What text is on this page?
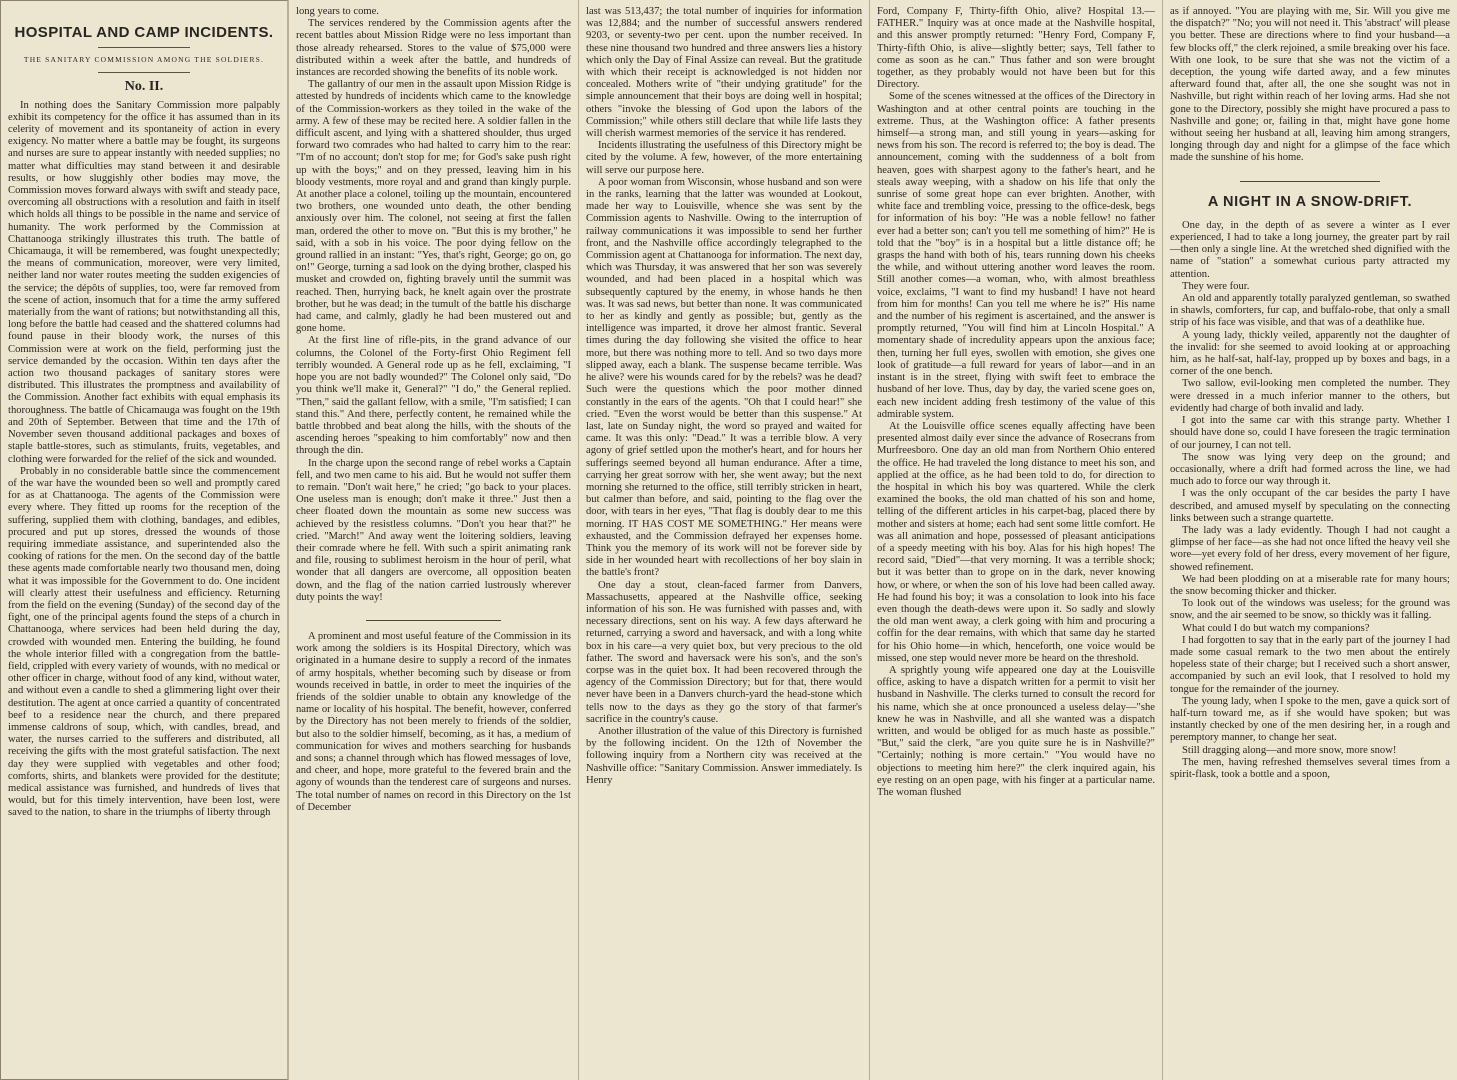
HOSPITAL AND CAMP INCIDENTS.
THE SANITARY COMMISSION AMONG THE SOLDIERS.

No. II.

In nothing does the Sanitary Commission more palpably exhibit its competency for the office it has assumed than in its celerity of movement and its spontaneity of action in every exigency. No matter where a battle may be fought, its surgeons and nurses are sure to appear instantly with needed supplies; no matter what difficulties may stand between it and desirable results, or how sluggishly other bodies may move, the Commission moves forward always with swift and steady pace, overcoming all obstructions with a resolution and faith in itself which holds all things to be possible in the name and service of humanity. The work performed by the Commission at Chattanooga strikingly illustrates this truth. The battle of Chicamauga, it will be remembered, was fought unexpectedly; the means of communication, moreover, were very limited, neither land nor water routes meeting the sudden exigencies of the service; the dépôts of supplies, too, were far removed from the scene of action, insomuch that for a time the army suffered materially from the want of rations; but notwithstanding all this, long before the battle had ceased and the shattered columns had found pause in their bloody work, the nurses of this Commission were at work on the field, performing just the service demanded by the occasion. Within ten days after the action two thousand packages of sanitary stores were distributed. This illustrates the promptness and availability of the Commission. Another fact exhibits with equal emphasis its thoroughness. The battle of Chicamauga was fought on the 19th and 20th of September. Between that time and the 17th of November seven thousand additional packages and boxes of staple battle-stores, such as stimulants, fruits, vegetables, and clothing were forwarded for the relief of the sick and wounded.

Probably in no considerable battle since the commencement of the war have the wounded been so well and promptly cared for as at Chattanooga. The agents of the Commission were every where. They fitted up rooms for the reception of the suffering, supplied them with clothing, bandages, and edibles, procured and put up stores, dressed the wounds of those requiring immediate assistance, and superintended also the cooking of rations for the men. On the second day of the battle these agents made comfortable nearly two thousand men, doing what it was impossible for the Government to do. One incident will clearly attest their usefulness and efficiency. Returning from the field on the evening (Sunday) of the second day of the fight, one of the principal agents found the steps of a church in Chattanooga, where services had been held during the day, crowded with wounded men. Entering the building, he found the whole interior filled with a congregation from the battle-field, crippled with every variety of wounds, with no medical or other officer in charge, without food of any kind, without water, and without even a candle to shed a glimmering light over their destitution. The agent at once carried a quantity of concentrated beef to a residence near the church, and there prepared immense caldrons of soup, which, with candles, bread, and water, the nurses carried to the sufferers and distributed, all receiving the gifts with the most grateful satisfaction. The next day they were supplied with vegetables and other food; comforts, shirts, and blankets were provided for the destitute; medical assistance was furnished, and hundreds of lives that would, but for this timely intervention, have been lost, were saved to the nation, to share in the triumphs of liberty through

long years to come.

The services rendered by the Commission agents after the recent battles about Mission Ridge were no less important than those already rehearsed. Stores to the value of $75,000 were distributed within a week after the battle, and hundreds of instances are recorded showing the benefits of its noble work.

The gallantry of our men in the assault upon Mission Ridge is attested by hundreds of incidents which came to the knowledge of the Commission-workers as they toiled in the wake of the army. A few of these may be recited here. A soldier fallen in the difficult ascent, and lying with a shattered shoulder, thus urged forward two comrades who had halted to carry him to the rear: "I'm of no account; don't stop for me; for God's sake push right up with the boys;" and on they pressed, leaving him in his bloody vestments, more royal and and grand than kingly purple. At another place a colonel, toiling up the mountain, encountered two brothers, one wounded unto death, the other bending anxiously over him. The colonel, not seeing at first the fallen man, ordered the other to move on. "But this is my brother," he said, with a sob in his voice. The poor dying fellow on the ground rallied in an instant: "Yes, that's right, George; go on, go on!" George, turning a sad look on the dying brother, clasped his musket and crowded on, fighting bravely until the summit was reached. Then, hurrying back, he knelt again over the prostrate brother, but he was dead; in the tumult of the battle his discharge had came, and calmly, gladly he had been mustered out and gone home.

At the first line of rifle-pits, in the grand advance of our columns, the Colonel of the Forty-first Ohio Regiment fell terribly wounded. A General rode up as he fell, exclaiming, "I hope you are not badly wounded?" The Colonel only said, "Do you think we'll make it, General?" "I do," the General replied. "Then," said the gallant fellow, with a smile, "I'm satisfied; I can stand this." And there, perfectly content, he remained while the battle throbbed and beat along the hills, with the shouts of the ascending heroes "speaking to him comfortably" now and then through the din.

In the charge upon the second range of rebel works a Captain fell, and two men came to his aid. But he would not suffer them to remain. "Don't wait here," he cried; "go back to your places. One useless man is enough; don't make it three." Just then a cheer floated down the mountain as some new success was achieved by the resistless columns. "Don't you hear that?" he cried. "March!" And away went the loitering soldiers, leaving their comrade where he fell. With such a spirit animating rank and file, rousing to sublimest heroism in the hour of peril, what wonder that all dangers are overcome, all opposition beaten down, and the flag of the nation carried lustrously wherever duty points the way!

A prominent and most useful feature of the Commission in its work among the soldiers is its Hospital Directory, which was originated in a humane desire to supply a record of the inmates of army hospitals, whether becoming such by disease or from wounds received in battle, in order to meet the inquiries of the friends of the soldier unable to obtain any knowledge of the name or locality of his hospital. The benefit, however, conferred by the Directory has not been merely to friends of the soldier, but also to the soldier himself, becoming, as it has, a medium of communication for wives and mothers searching for husbands and sons; a channel through which has flowed messages of love, and cheer, and hope, more grateful to the fevered brain and the agony of wounds than the tenderest care of surgeons and nurses. The total number of names on record in this Directory on the 1st of December

last was 513,437; the total number of inquiries for information was 12,884; and the number of successful answers rendered 9203, or seventy-two per cent. upon the number received. In these nine thousand two hundred and three answers lies a history which only the Day of Final Assize can reveal. But the gratitude with which their receipt is acknowledged is not hidden nor concealed. Mothers write of "their undying gratitude" for the simple announcement that their boys are doing well in hospital; others "invoke the blessing of God upon the labors of the Commission;" while others still declare that while life lasts they will cherish warmest memories of the service it has rendered.

Incidents illustrating the usefulness of this Directory might be cited by the volume. A few, however, of the more entertaining will serve our purpose here.

A poor woman from Wisconsin, whose husband and son were in the ranks, learning that the latter was wounded at Lookout, made her way to Louisville, whence she was sent by the Commission agents to Nashville. Owing to the interruption of railway communications it was impossible to send her further front, and the Nashville office accordingly telegraphed to the Commission agent at Chattanooga for information. The next day, which was Thursday, it was answered that her son was severely wounded, and had been placed in a hospital which was subsequently captured by the enemy, in whose hands he then was. It was sad news, but better than none. It was communicated to her as kindly and gently as possible; but, gently as the intelligence was imparted, it drove her almost frantic. Several times during the day following she visited the office to hear more, but there was nothing more to tell. And so two days more slipped away, each a blank. The suspense became terrible. Was he alive? were his wounds cared for by the rebels? was he dead? Such were the questions which the poor mother dinned constantly in the ears of the agents. "Oh that I could hear!" she cried. "Even the worst would be better than this suspense." At last, late on Sunday night, the word so prayed and waited for came. It was this only: "Dead." It was a terrible blow. A very agony of grief settled upon the mother's heart, and for hours her sufferings seemed beyond all human endurance. After a time, carrying her great sorrow with her, she went away; but the next morning she returned to the office, still terribly stricken in heart, but calmer than before, and said, pointing to the flag over the door, with tears in her eyes, "That flag is doubly dear to me this morning. IT HAS COST ME SOMETHING." Her means were exhausted, and the Commission defrayed her expenses home. Think you the memory of its work will not be forever side by side in her wounded heart with recollections of her boy slain in the battle's front?

One day a stout, clean-faced farmer from Danvers, Massachusetts, appeared at the Nashville office, seeking information of his son. He was furnished with passes and, with necessary directions, sent on his way. A few days afterward he returned, carrying a sword and haversack, and with a long white box in his care—a very quiet box, but very precious to the old father. The sword and haversack were his son's, and the son's corpse was in the quiet box. It had been recovered through the agency of the Commission Directory; but for that, there would never have been in a Danvers church-yard the head-stone which tells now to the days as they go the story of that farmer's sacrifice in the country's cause.

Another illustration of the value of this Directory is furnished by the following incident. On the 12th of November the following inquiry from a Northern city was received at the Nashville office: "Sanitary Commission. Answer immediately. Is Henry

Ford, Company F, Thirty-fifth Ohio, alive? Hospital 13.—FATHER." Inquiry was at once made at the Nashville hospital, and this answer promptly returned: "Henry Ford, Company F, Thirty-fifth Ohio, is alive—slightly better; says, Tell father to come as soon as he can." Thus father and son were brought together, as they probably would not have been but for this Directory.

Some of the scenes witnessed at the offices of the Directory in Washington and at other central points are touching in the extreme. Thus, at the Washington office: A father presents himself—a strong man, and still young in years—asking for news from his son. The record is referred to; the boy is dead. The announcement, coming with the suddenness of a bolt from heaven, goes with sharpest agony to the father's heart, and he steals away weeping, with a shadow on his life that only the sunrise of some great hope can ever brighten. Another, with white face and trembling voice, pressing to the office-desk, begs for information of his boy: "He was a noble fellow! no father ever had a better son; can't you tell me something of him?" He is told that the "boy" is in a hospital but a little distance off; he grasps the hand with both of his, tears running down his cheeks the while, and without uttering another word leaves the room. Still another comes—a woman, who, with almost breathless voice, exclaims, "I want to find my husband! I have not heard from him for months! Can you tell me where he is?" His name and the number of his regiment is ascertained, and the answer is promptly returned, "You will find him at Lincoln Hospital." A momentary shade of incredulity appears upon the anxious face; then, turning her full eyes, swollen with emotion, she gives one look of gratitude—a full reward for years of labor—and in an instant is in the street, flying with swift feet to embrace the husband of her love. Thus, day by day, the varied scene goes on, each new incident adding fresh testimony of the value of this admirable system.

At the Louisville office scenes equally affecting have been presented almost daily ever since the advance of Rosecrans from Murfreesboro. One day an old man from Northern Ohio entered the office. He had traveled the long distance to meet his son, and applied at the office, as he had been told to do, for direction to the hospital in which his boy was quartered. While the clerk examined the books, the old man chatted of his son and home, telling of the different articles in his carpet-bag, placed there by mother and sisters at home; each had sent some little comfort. He was all animation and hope, possessed of pleasant anticipations of a speedy meeting with his boy. Alas for his high hopes! The record said, "Died"—that very morning. It was a terrible shock; but it was better than to grope on in the dark, never knowing how, or where, or when the son of his love had been called away. He had found his boy; it was a consolation to look into his face even though the death-dews were upon it. So sadly and slowly the old man went away, a clerk going with him and procuring a coffin for the dear remains, with which that same day he started for his Ohio home—in which, henceforth, one voice would be missed, one step would never more be heard on the threshold.

A sprightly young wife appeared one day at the Louisville office, asking to have a dispatch written for a permit to visit her husband in Nashville. The clerks turned to consult the record for his name, which she at once pronounced a useless delay—"she knew he was in Nashville, and all she wanted was a dispatch written, and would be obliged for as much haste as possible." "But," said the clerk, "are you quite sure he is in Nashville?" "Certainly; nothing is more certain." "You would have no objections to meeting him here?" the clerk inquired again, his eye resting on an open page, with his finger at a particular name. The woman flushed

as if annoyed. "You are playing with me, Sir. Will you give me the dispatch?" "No; you will not need it. This 'abstract' will please you better. These are directions where to find your husband—a few blocks off," the clerk rejoined, a smile breaking over his face. With one look, to be sure that she was not the victim of a deception, the young wife darted away, and a few minutes afterward found that, after all, the one she sought was not in Nashville, but right within reach of her loving arms. Had she not gone to the Directory, possibly she might have procured a pass to Nashville and gone; or, failing in that, might have gone home without seeing her husband at all, leaving him among strangers, longing through day and night for a glimpse of the face which made the sunshine of his home.

A NIGHT IN A SNOW-DRIFT.

One day, in the depth of as severe a winter as I ever experienced, I had to take a long journey, the greater part by rail—then only a single line. At the wretched shed dignified with the name of "station" a somewhat curious party attracted my attention.

They were four.

An old and apparently totally paralyzed gentleman, so swathed in shawls, comforters, fur cap, and buffalo-robe, that only a small strip of his face was visible, and that was of a deathlike hue.

A young lady, thickly veiled, apparently not the daughter of the invalid: for she seemed to avoid looking at or approaching him, as he half-sat, half-lay, propped up by boxes and bags, in a corner of the one bench.

Two sallow, evil-looking men completed the number. They were dressed in a much inferior manner to the others, but evidently had charge of both invalid and lady.

I got into the same car with this strange party. Whether I should have done so, could I have foreseen the tragic termination of our journey, I can not tell.

The snow was lying very deep on the ground; and occasionally, where a drift had formed across the line, we had much ado to force our way through it.

I was the only occupant of the car besides the party I have described, and amused myself by speculating on the connecting links between such a strange quartette.

The lady was a lady evidently. Though I had not caught a glimpse of her face—as she had not once lifted the heavy veil she wore—yet every fold of her dress, every movement of her figure, showed refinement.

We had been plodding on at a miserable rate for many hours; the snow becoming thicker and thicker.

To look out of the windows was useless; for the ground was snow, and the air seemed to be snow, so thickly was it falling.

What could I do but watch my companions?

I had forgotten to say that in the early part of the journey I had made some casual remark to the two men about the entirely hopeless state of their charge; but I received such a short answer, accompanied by such an evil look, that I resolved to hold my tongue for the remainder of the journey.

The young lady, when I spoke to the men, gave a quick sort of half-turn toward me, as if she would have spoken; but was instantly checked by one of the men desiring her, in a rough and peremptory manner, to change her seat.

Still dragging along—and more snow, more snow!

The men, having refreshed themselves several times from a spirit-flask, took a bottle and a spoon,
